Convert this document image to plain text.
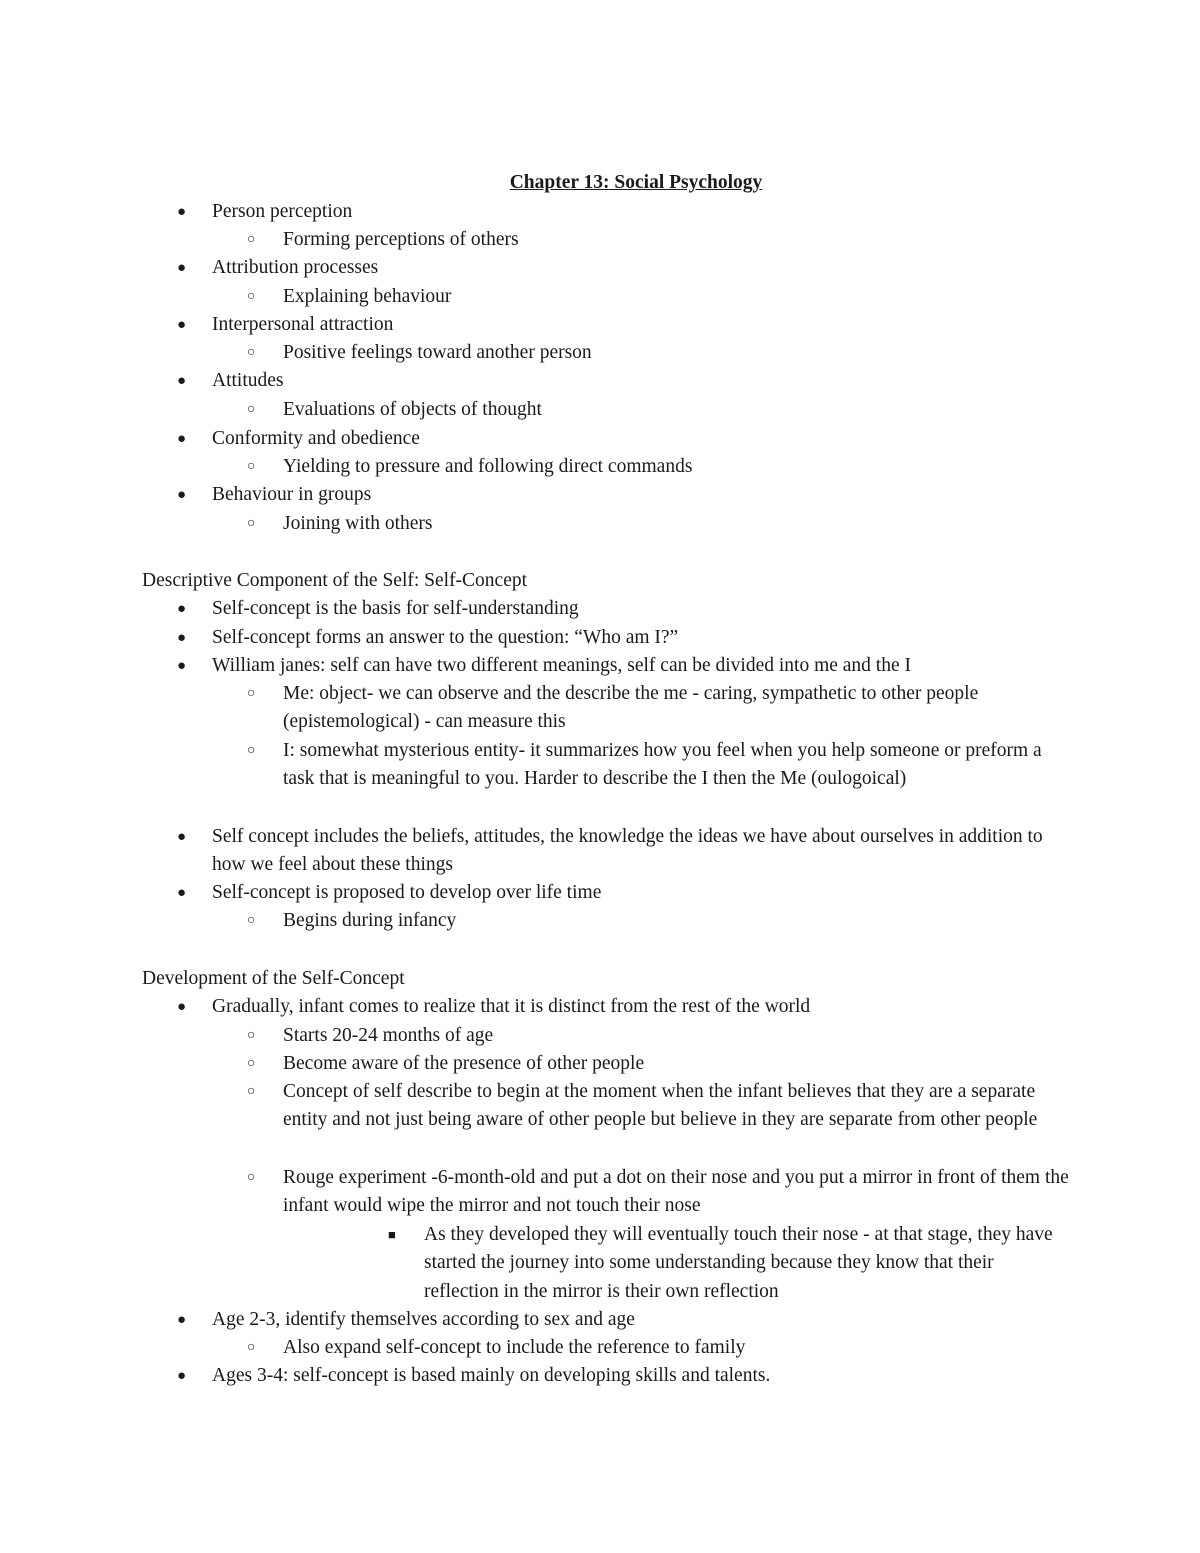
Chapter 13: Social Psychology
● Person perception
○ Forming perceptions of others
● Attribution processes
○ Explaining behaviour
● Interpersonal attraction
○ Positive feelings toward another person
● Attitudes
○ Evaluations of objects of thought
● Conformity and obedience
○ Yielding to pressure and following direct commands
● Behaviour in groups
○ Joining with others
Descriptive Component of the Self: Self-Concept
● Self-concept is the basis for self-understanding
● Self-concept forms an answer to the question: “Who am I?”
● William janes: self can have two different meanings, self can be divided into me and the I
○ Me: object- we can observe and the describe the me - caring, sympathetic to other people (epistemological) - can measure this
○ I: somewhat mysterious entity- it summarizes how you feel when you help someone or preform a task that is meaningful to you. Harder to describe the I then the Me (oulogoical)
● Self concept includes the beliefs, attitudes, the knowledge the ideas we have about ourselves in addition to how we feel about these things
● Self-concept is proposed to develop over life time
○ Begins during infancy
Development of the Self-Concept
● Gradually, infant comes to realize that it is distinct from the rest of the world
○ Starts 20-24 months of age
○ Become aware of the presence of other people
○ Concept of self describe to begin at the moment when the infant believes that they are a separate entity and not just being aware of other people but believe in they are separate from other people
○ Rouge experiment -6-month-old and put a dot on their nose and you put a mirror in front of them the infant would wipe the mirror and not touch their nose
■ As they developed they will eventually touch their nose - at that stage, they have started the journey into some understanding because they know that their reflection in the mirror is their own reflection
● Age 2-3, identify themselves according to sex and age
○ Also expand self-concept to include the reference to family
● Ages 3-4: self-concept is based mainly on developing skills and talents.
